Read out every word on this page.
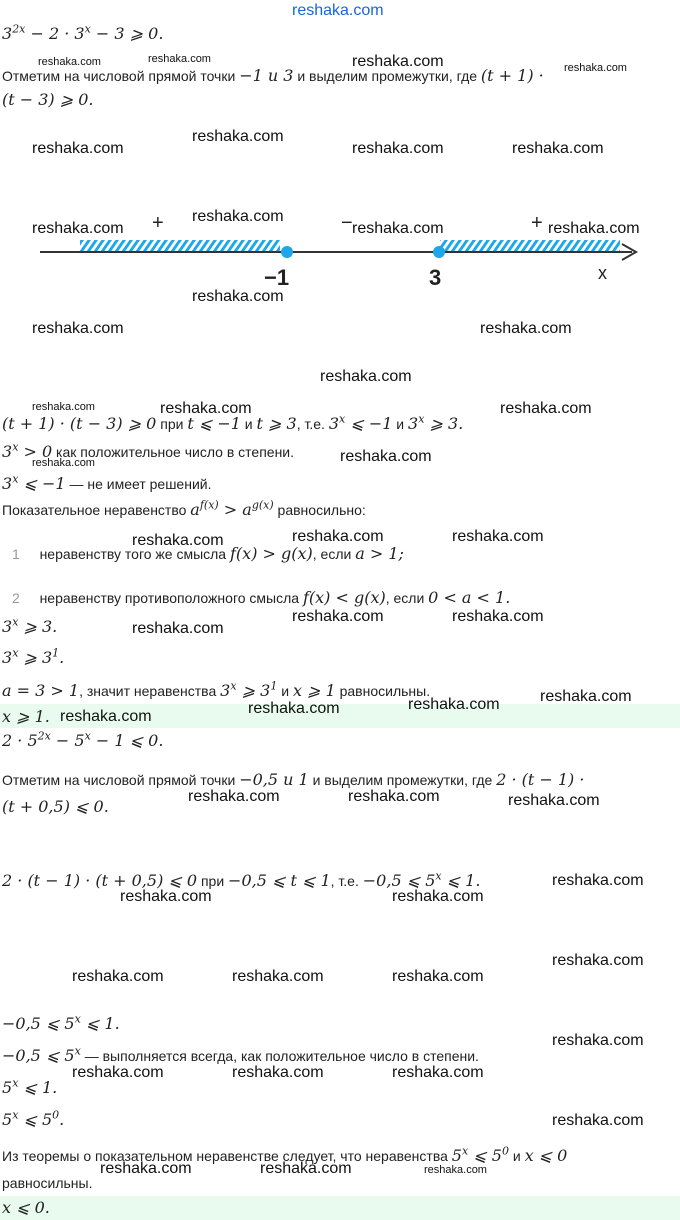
reshaka.com
$3^{2x} - 2 \cdot 3^x - 3$ ⩾ 0.
Отметим на числовой прямой точки −1 и 3 и выделим промежутки, где (t + 1) ·
(t − 3) ⩾ 0.
+	−	+
−1	3	x
(t + 1) · (t − 3) ⩾ 0 при t ⩽ −1 и t ⩾ 3, т.е. 3$^x$ ⩽ −1 и 3$^x$ ⩾ 3.
$3^x > 0$ как положительное число в степени.
3$^x$ ⩽ −1 — не имеет решений.
Показательное неравенство $a^{f(x)} > a^{g(x)}$ равносильно:
1 неравенству того же смысла f(x) > g(x), если a > 1;
2 неравенству противоположного смысла f(x) < g(x), если 0 < a < 1.
3$^x$ ⩾ 3.
3$^x$ ⩾ $3^1$.
a = 3 > 1, значит неравенства 3$^x$ ⩾ $3^1$ и x ⩾ 1 равносильны.
x ⩾ 1.
$2 \cdot 5^{2x} - 5^x - 1$ ⩽ 0.
Отметим на числовой прямой точки −0,5 и 1 и выделим промежутки, где 2 · (t − 1) ·
(t + 0,5) ⩽ 0.
2 · (t − 1) · (t + 0,5) ⩽ 0 при −0,5 ⩽ t ⩽ 1, т.е. −0,5 ⩽ 5$^x$ ⩽ 1.
−0,5 ⩽ 5$^x$ ⩽ 1.
−0,5 ⩽ 5$^x$ — выполняется всегда, как положительное число в степени.
5$^x$ ⩽ 1.
5$^x$ ⩽ $5^0$.
Из теоремы о показательном неравенстве следует, что неравенства 5$^x$ ⩽ $5^0$ и x ⩽ 0
равносильны.
x ⩽ 0.
reshaka.com	reshaka.com	reshaka.com	reshaka.com
reshaka.com
reshaka.com	reshaka.com	reshaka.com
reshaka.com
reshaka.com	reshaka.com	reshaka.com
reshaka.com
reshaka.com	reshaka.com
reshaka.com
reshaka.com	reshaka.com	reshaka.com
reshaka.com
reshaka.com
reshaka.com	reshaka.com
reshaka.com
reshaka.com	reshaka.com
reshaka.com
reshaka.com
reshaka.com	reshaka.com
reshaka.com
reshaka.com	reshaka.com	reshaka.com
reshaka.com
reshaka.com	reshaka.com
reshaka.com
reshaka.com	reshaka.com	reshaka.com
reshaka.com
reshaka.com	reshaka.com	reshaka.com
reshaka.com
reshaka.com	reshaka.com	reshaka.com
